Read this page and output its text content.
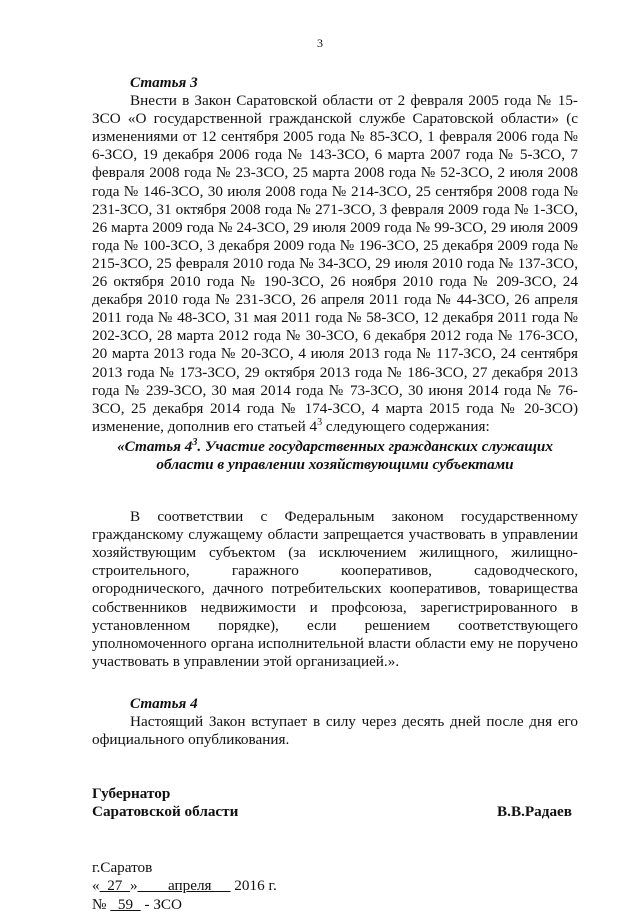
3
Статья 3
Внести в Закон Саратовской области от 2 февраля 2005 года № 15-ЗСО «О государственной гражданской службе Саратовской области» (с изменениями от 12 сентября 2005 года № 85-ЗСО, 1 февраля 2006 года № 6-ЗСО, 19 декабря 2006 года № 143-ЗСО, 6 марта 2007 года № 5-ЗСО, 7 февраля 2008 года № 23-ЗСО, 25 марта 2008 года № 52-ЗСО, 2 июля 2008 года № 146-ЗСО, 30 июля 2008 года № 214-ЗСО, 25 сентября 2008 года № 231-ЗСО, 31 октября 2008 года № 271-ЗСО, 3 февраля 2009 года № 1-ЗСО, 26 марта 2009 года № 24-ЗСО, 29 июля 2009 года № 99-ЗСО, 29 июля 2009 года № 100-ЗСО, 3 декабря 2009 года № 196-ЗСО, 25 декабря 2009 года № 215-ЗСО, 25 февраля 2010 года № 34-ЗСО, 29 июля 2010 года № 137-ЗСО, 26 октября 2010 года № 190-ЗСО, 26 ноября 2010 года № 209-ЗСО, 24 декабря 2010 года № 231-ЗСО, 26 апреля 2011 года № 44-ЗСО, 26 апреля 2011 года № 48-ЗСО, 31 мая 2011 года № 58-ЗСО, 12 декабря 2011 года № 202-ЗСО, 28 марта 2012 года № 30-ЗСО, 6 декабря 2012 года № 176-ЗСО, 20 марта 2013 года № 20-ЗСО, 4 июля 2013 года № 117-ЗСО, 24 сентября 2013 года № 173-ЗСО, 29 октября 2013 года № 186-ЗСО, 27 декабря 2013 года № 239-ЗСО, 30 мая 2014 года № 73-ЗСО, 30 июня 2014 года № 76-ЗСО, 25 декабря 2014 года № 174-ЗСО, 4 марта 2015 года № 20-ЗСО) изменение, дополнив его статьей $4^3$ следующего содержания:
«Статья $4^3$. Участие государственных гражданских служащих области в управлении хозяйствующими субъектами
В соответствии с Федеральным законом государственному гражданскому служащему области запрещается участвовать в управлении хозяйствующим субъектом (за исключением жилищного, жилищно-строительного, гаражного кооперативов, садоводческого, огороднического, дачного потребительских кооперативов, товарищества собственников недвижимости и профсоюза, зарегистрированного в установленном порядке), если решением соответствующего уполномоченного органа исполнительной власти области ему не поручено участвовать в управлении этой организацией.».
Статья 4
Настоящий Закон вступает в силу через десять дней после дня его официального опубликования.
Губернатор
Саратовской области	В.В.Радаев
г.Саратов
«  27  »        апреля      2016 г.
№   59   - ЗСО
